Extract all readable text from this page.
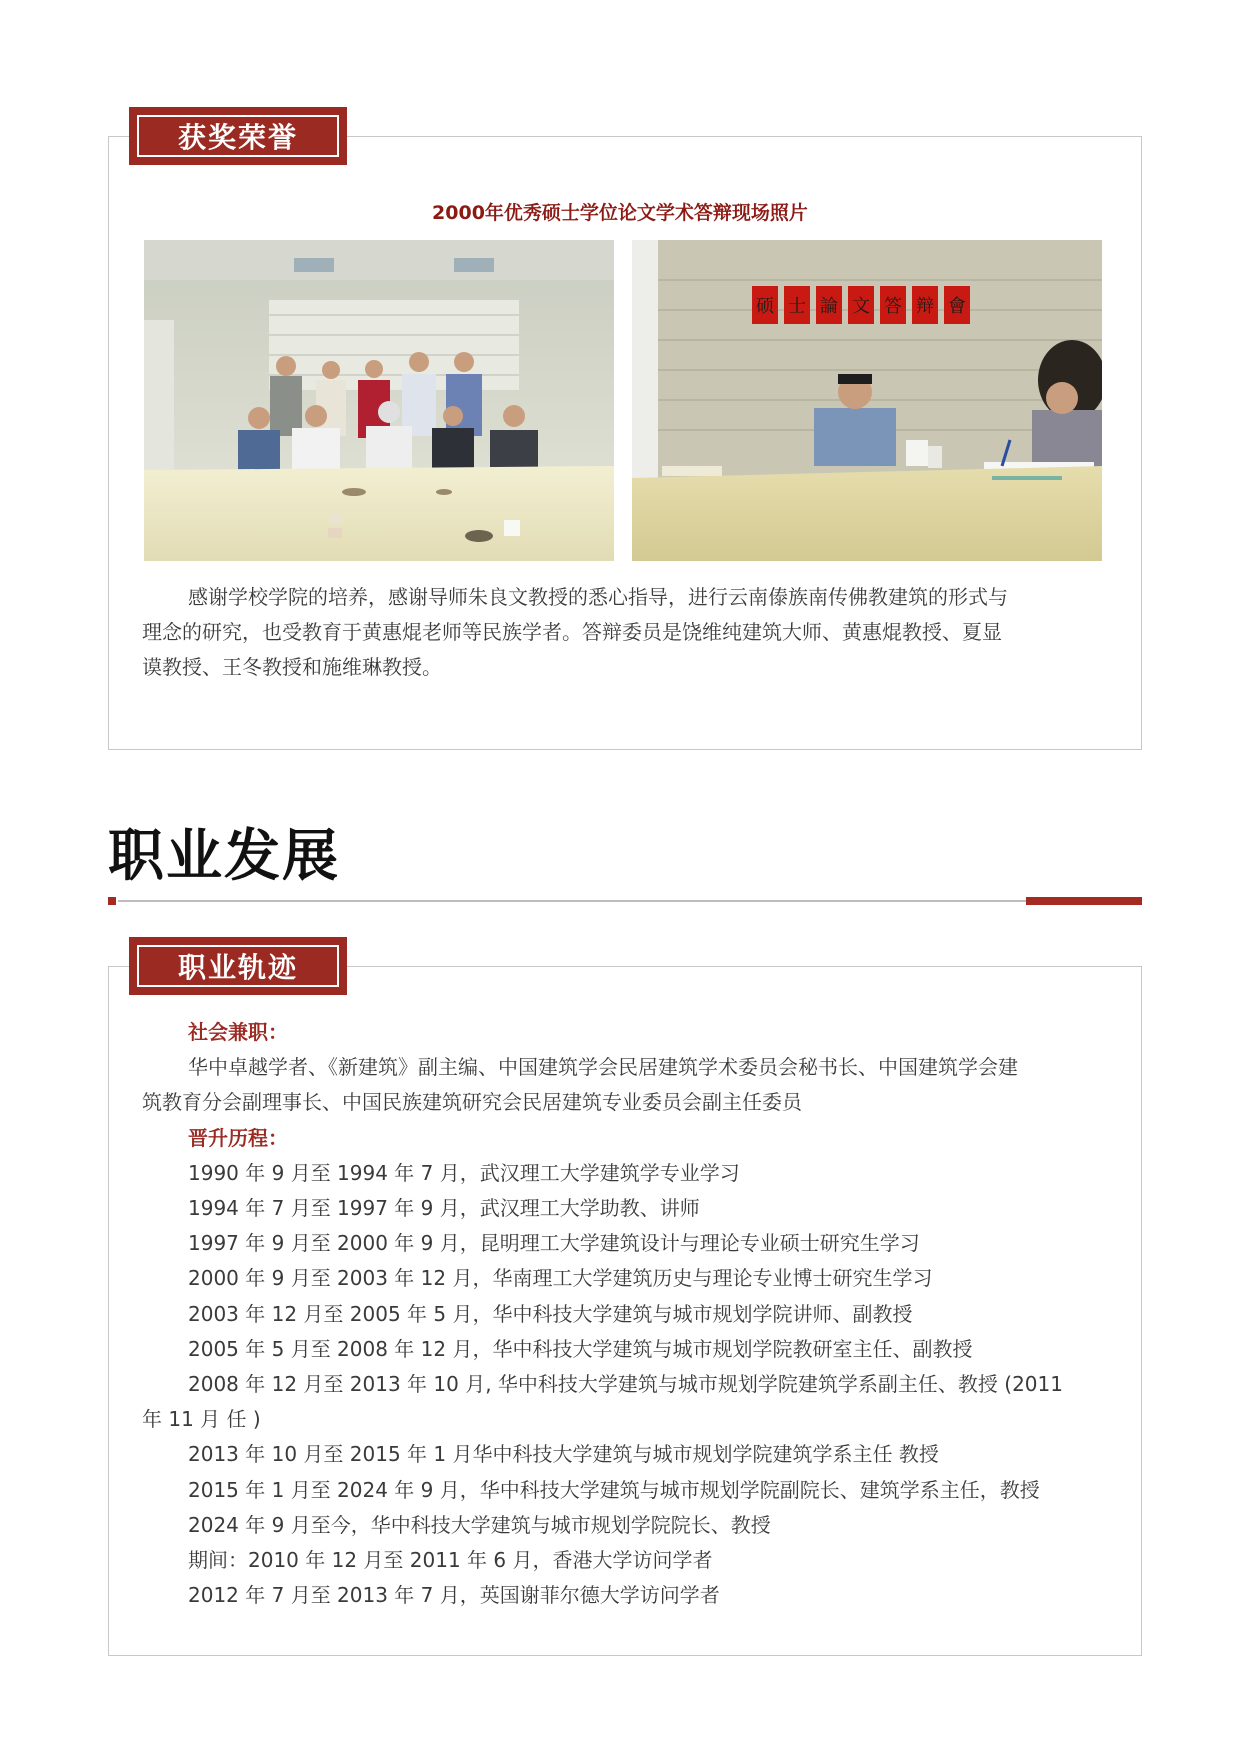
获奖荣誉
2000年优秀硕士学位论文学术答辩现场照片
硕 士 論 文 答 辩 會
感谢学校学院的培养，感谢导师朱良文教授的悉心指导，进行云南傣族南传佛教建筑的形式与
理念的研究，也受教育于黄惠焜老师等民族学者。答辩委员是饶维纯建筑大师、黄惠焜教授、夏显
谟教授、王冬教授和施维琳教授。
职业发展
职业轨迹
社会兼职：
华中卓越学者、《新建筑》副主编、中国建筑学会民居建筑学术委员会秘书长、中国建筑学会建
筑教育分会副理事长、中国民族建筑研究会民居建筑专业委员会副主任委员
晋升历程：
1990 年 9 月至 1994 年 7 月，武汉理工大学建筑学专业学习
1994 年 7 月至 1997 年 9 月，武汉理工大学助教、讲师
1997 年 9 月至 2000 年 9 月，昆明理工大学建筑设计与理论专业硕士研究生学习
2000 年 9 月至 2003 年 12 月，华南理工大学建筑历史与理论专业博士研究生学习
2003 年 12 月至 2005 年 5 月，华中科技大学建筑与城市规划学院讲师、副教授
2005 年 5 月至 2008 年 12 月，华中科技大学建筑与城市规划学院教研室主任、副教授
2008 年 12 月至 2013 年 10 月, 华中科技大学建筑与城市规划学院建筑学系副主任、教授 (2011
年 11 月 任 )
2013 年 10 月至 2015 年 1 月华中科技大学建筑与城市规划学院建筑学系主任 教授
2015 年 1 月至 2024 年 9 月，华中科技大学建筑与城市规划学院副院长、建筑学系主任，教授
2024 年 9 月至今，华中科技大学建筑与城市规划学院院长、教授
期间：2010 年 12 月至 2011 年 6 月，香港大学访问学者
2012 年 7 月至 2013 年 7 月，英国谢菲尔德大学访问学者
